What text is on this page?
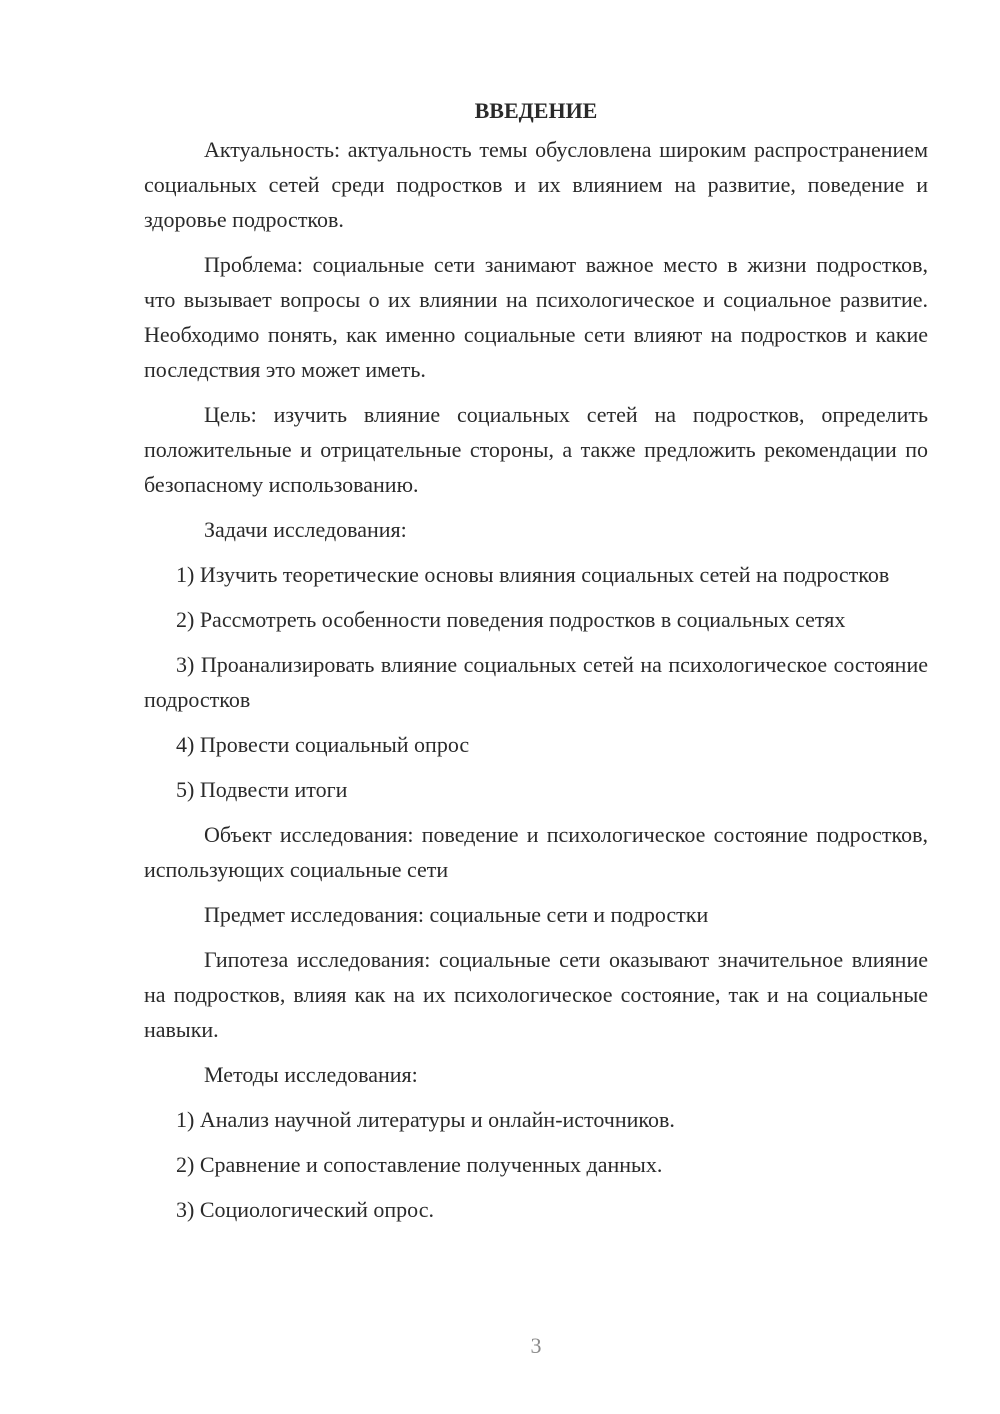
ВВЕДЕНИЕ
Актуальность: актуальность темы обусловлена широким распространением социальных сетей среди подростков и их влиянием на развитие, поведение и здоровье подростков.
Проблема: социальные сети занимают важное место в жизни подростков, что вызывает вопросы о их влиянии на психологическое и социальное развитие. Необходимо понять, как именно социальные сети влияют на подростков и какие последствия это может иметь.
Цель: изучить влияние социальных сетей на подростков, определить положительные и отрицательные стороны, а также предложить рекомендации по безопасному использованию.
Задачи исследования:
1) Изучить теоретические основы влияния социальных сетей на подростков
2) Рассмотреть особенности поведения подростков в социальных сетях
3) Проанализировать влияние социальных сетей на психологическое состояние подростков
4) Провести социальный опрос
5) Подвести итоги
Объект исследования: поведение и психологическое состояние подростков, использующих социальные сети
Предмет исследования: социальные сети и подростки
Гипотеза исследования: социальные сети оказывают значительное влияние на подростков, влияя как на их психологическое состояние, так и на социальные навыки.
Методы исследования:
1) Анализ научной литературы и онлайн-источников.
2) Сравнение и сопоставление полученных данных.
3) Социологический опрос.
3
